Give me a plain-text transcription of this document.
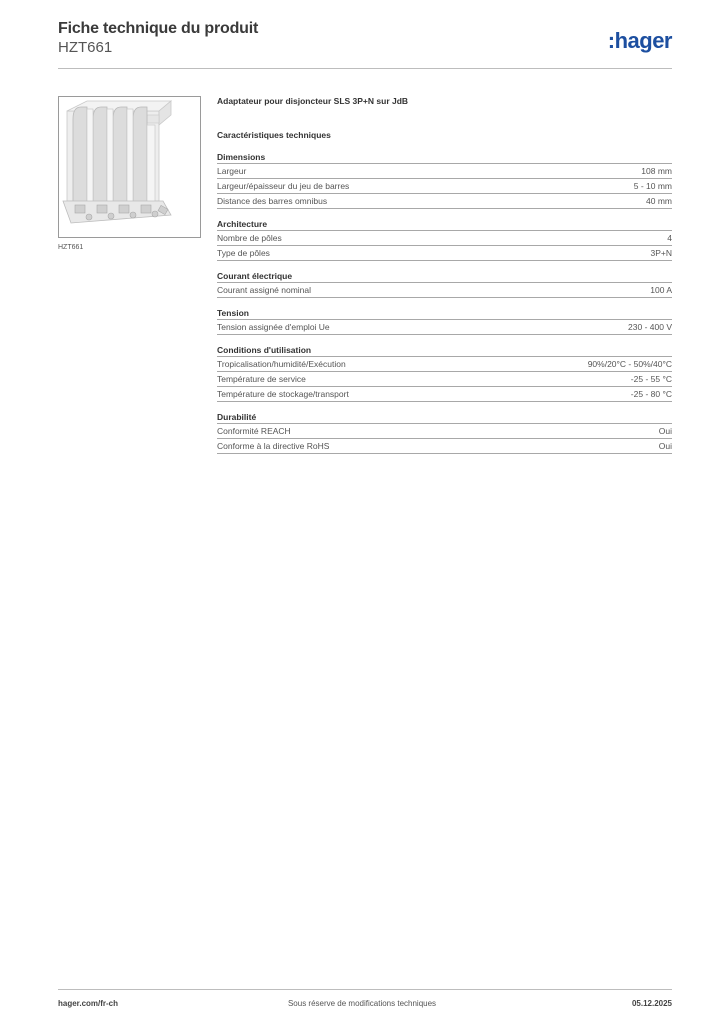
Fiche technique du produit
HZT661	:hager
HZT661
Adaptateur pour disjoncteur SLS 3P+N sur JdB
Caractéristiques techniques
Dimensions
Largeur	108 mm
Largeur/épaisseur du jeu de barres	5 - 10 mm
Distance des barres omnibus	40 mm
Architecture
Nombre de pôles	4
Type de pôles	3P+N
Courant électrique
Courant assigné nominal	100 A
Tension
Tension assignée d'emploi Ue	230 - 400 V
Conditions d'utilisation
Tropicalisation/humidité/Exécution	90%/20°C - 50%/40°C
Température de service	-25 - 55 °C
Température de stockage/transport	-25 - 80 °C
Durabilité
Conformité REACH	Oui
Conforme à la directive RoHS	Oui
hager.com/fr-ch	Sous réserve de modifications techniques	05.12.2025
